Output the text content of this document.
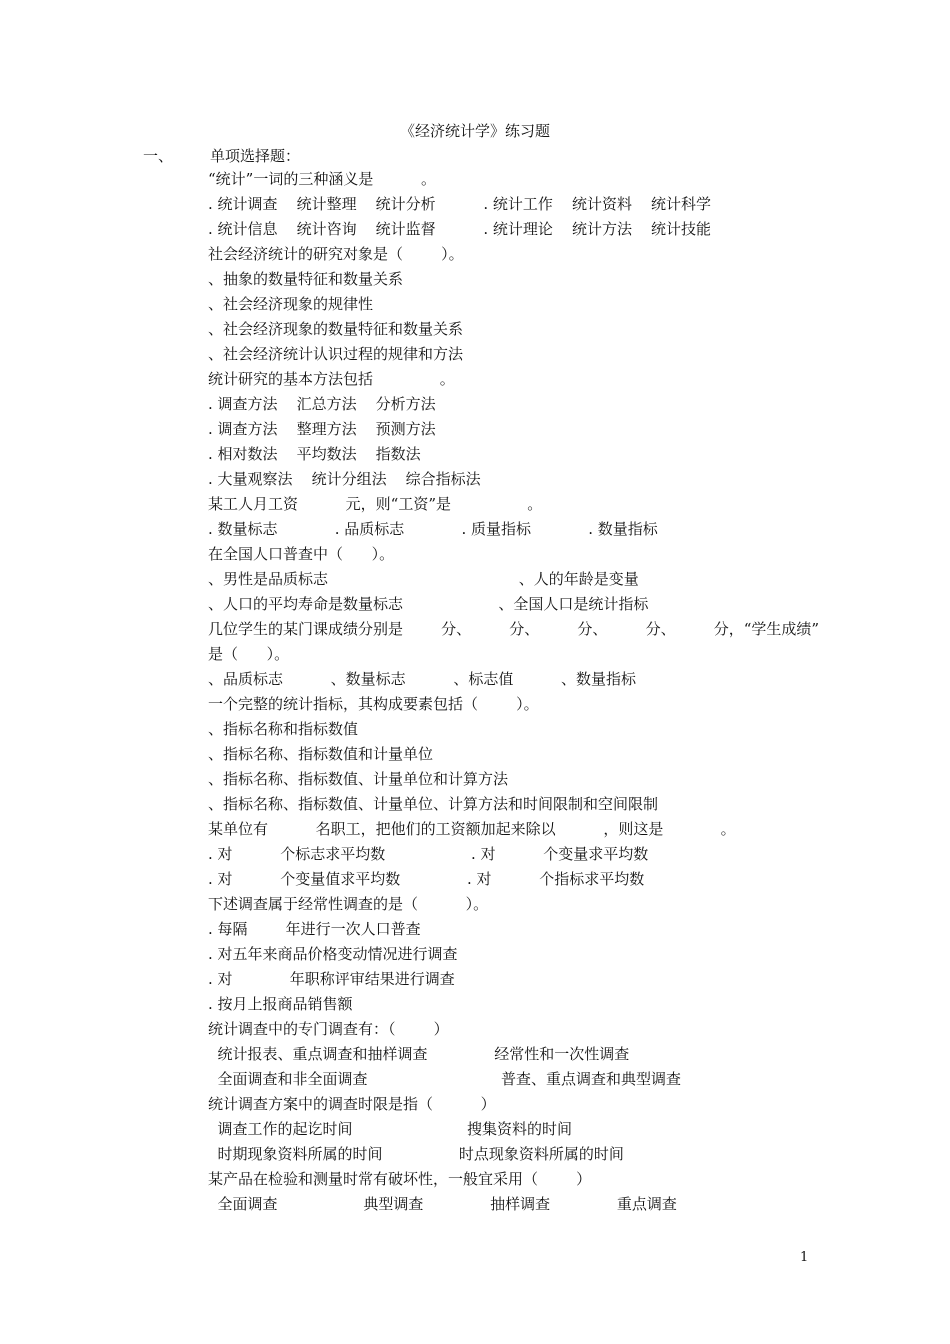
《经济统计学》练习题
一、 单项选择题：
“统计”一词的三种涵义是          。
. 统计调查    统计整理    统计分析          . 统计工作    统计资料    统计科学
. 统计信息    统计咨询    统计监督          . 统计理论    统计方法    统计技能
社会经济统计的研究对象是（        ）。
、抽象的数量特征和数量关系
、社会经济现象的规律性
、社会经济现象的数量特征和数量关系
、社会经济统计认识过程的规律和方法
统计研究的基本方法包括              。
. 调查方法    汇总方法    分析方法
. 调查方法    整理方法    预测方法
. 相对数法    平均数法    指数法
. 大量观察法    统计分组法    综合指标法
某工人月工资          元，则“工资”是                。
. 数量标志            . 品质标志            . 质量指标            . 数量指标
在全国人口普查中（      ）。
、男性是品质标志                                        、人的年龄是变量
、人口的平均寿命是数量标志                    、全国人口是统计指标
几位学生的某门课成绩分别是        分、        分、        分、        分、        分，“学生成绩”
是（      ）。
、品质标志          、数量标志          、标志值          、数量指标
一个完整的统计指标，其构成要素包括（        ）。
、指标名称和指标数值
、指标名称、指标数值和计量单位
、指标名称、指标数值、计量单位和计算方法
、指标名称、指标数值、计量单位、计算方法和时间限制和空间限制
某单位有          名职工，把他们的工资额加起来除以          ，则这是            。
. 对          个标志求平均数                  . 对          个变量求平均数
. 对          个变量值求平均数              . 对          个指标求平均数
下述调查属于经常性调查的是（          ）。
. 每隔        年进行一次人口普查
. 对五年来商品价格变动情况进行调查
. 对            年职称评审结果进行调查
. 按月上报商品销售额
统计调查中的专门调查有：（        ）
统计报表、重点调查和抽样调查              经常性和一次性调查
全面调查和非全面调查                            普查、重点调查和典型调查
统计调查方案中的调查时限是指（          ）
调查工作的起讫时间                        搜集资料的时间
时期现象资料所属的时间                时点现象资料所属的时间
某产品在检验和测量时常有破坏性，一般宜采用（        ）
全面调查                  典型调查              抽样调查              重点调查
1
